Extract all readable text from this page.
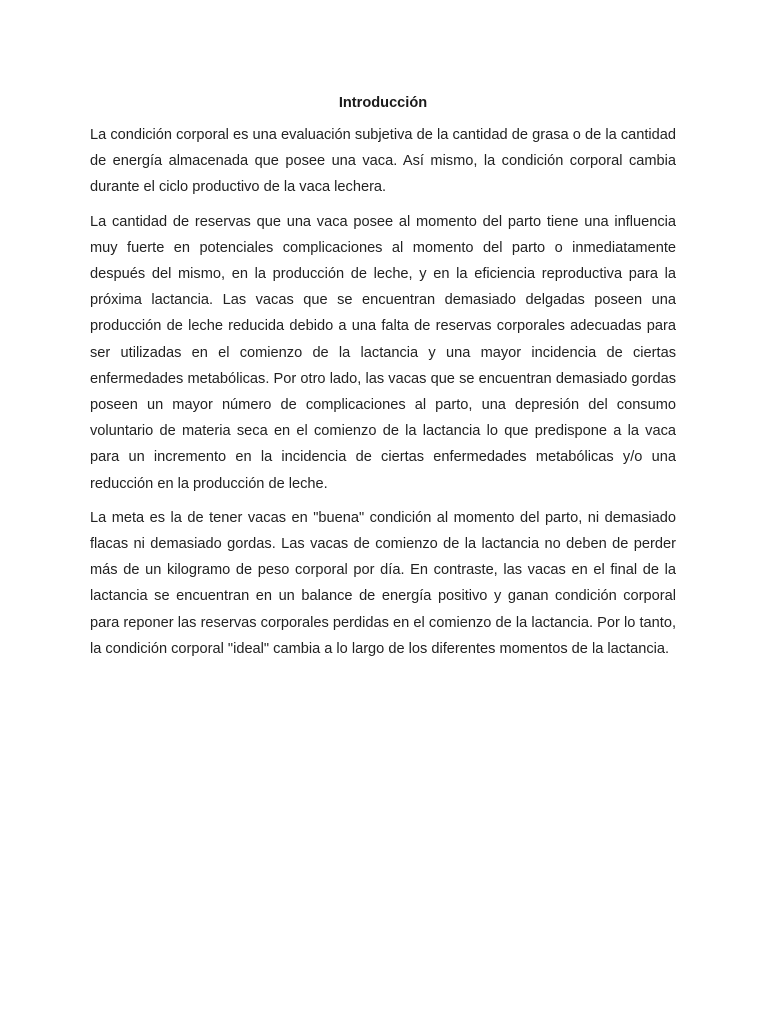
Introducción

La condición corporal es una evaluación subjetiva de la cantidad de grasa o de la cantidad de energía almacenada que posee una vaca. Así mismo, la condición corporal cambia durante el ciclo productivo de la vaca lechera.

La cantidad de reservas que una vaca posee al momento del parto tiene una influencia muy fuerte en potenciales complicaciones al momento del parto o inmediatamente después del mismo, en la producción de leche, y en la eficiencia reproductiva para la próxima lactancia. Las vacas que se encuentran demasiado delgadas poseen una producción de leche reducida debido a una falta de reservas corporales adecuadas para ser utilizadas en el comienzo de la lactancia y una mayor incidencia de ciertas enfermedades metabólicas. Por otro lado, las vacas que se encuentran demasiado gordas poseen un mayor número de complicaciones al parto, una depresión del consumo voluntario de materia seca en el comienzo de la lactancia lo que predispone a la vaca para un incremento en la incidencia de ciertas enfermedades metabólicas y/o una reducción en la producción de leche.

La meta es la de tener vacas en "buena" condición al momento del parto, ni demasiado flacas ni demasiado gordas. Las vacas de comienzo de la lactancia no deben de perder más de un kilogramo de peso corporal por día. En contraste, las vacas en el final de la lactancia se encuentran en un balance de energía positivo y ganan condición corporal para reponer las reservas corporales perdidas en el comienzo de la lactancia. Por lo tanto, la condición corporal "ideal" cambia a lo largo de los diferentes momentos de la lactancia.
